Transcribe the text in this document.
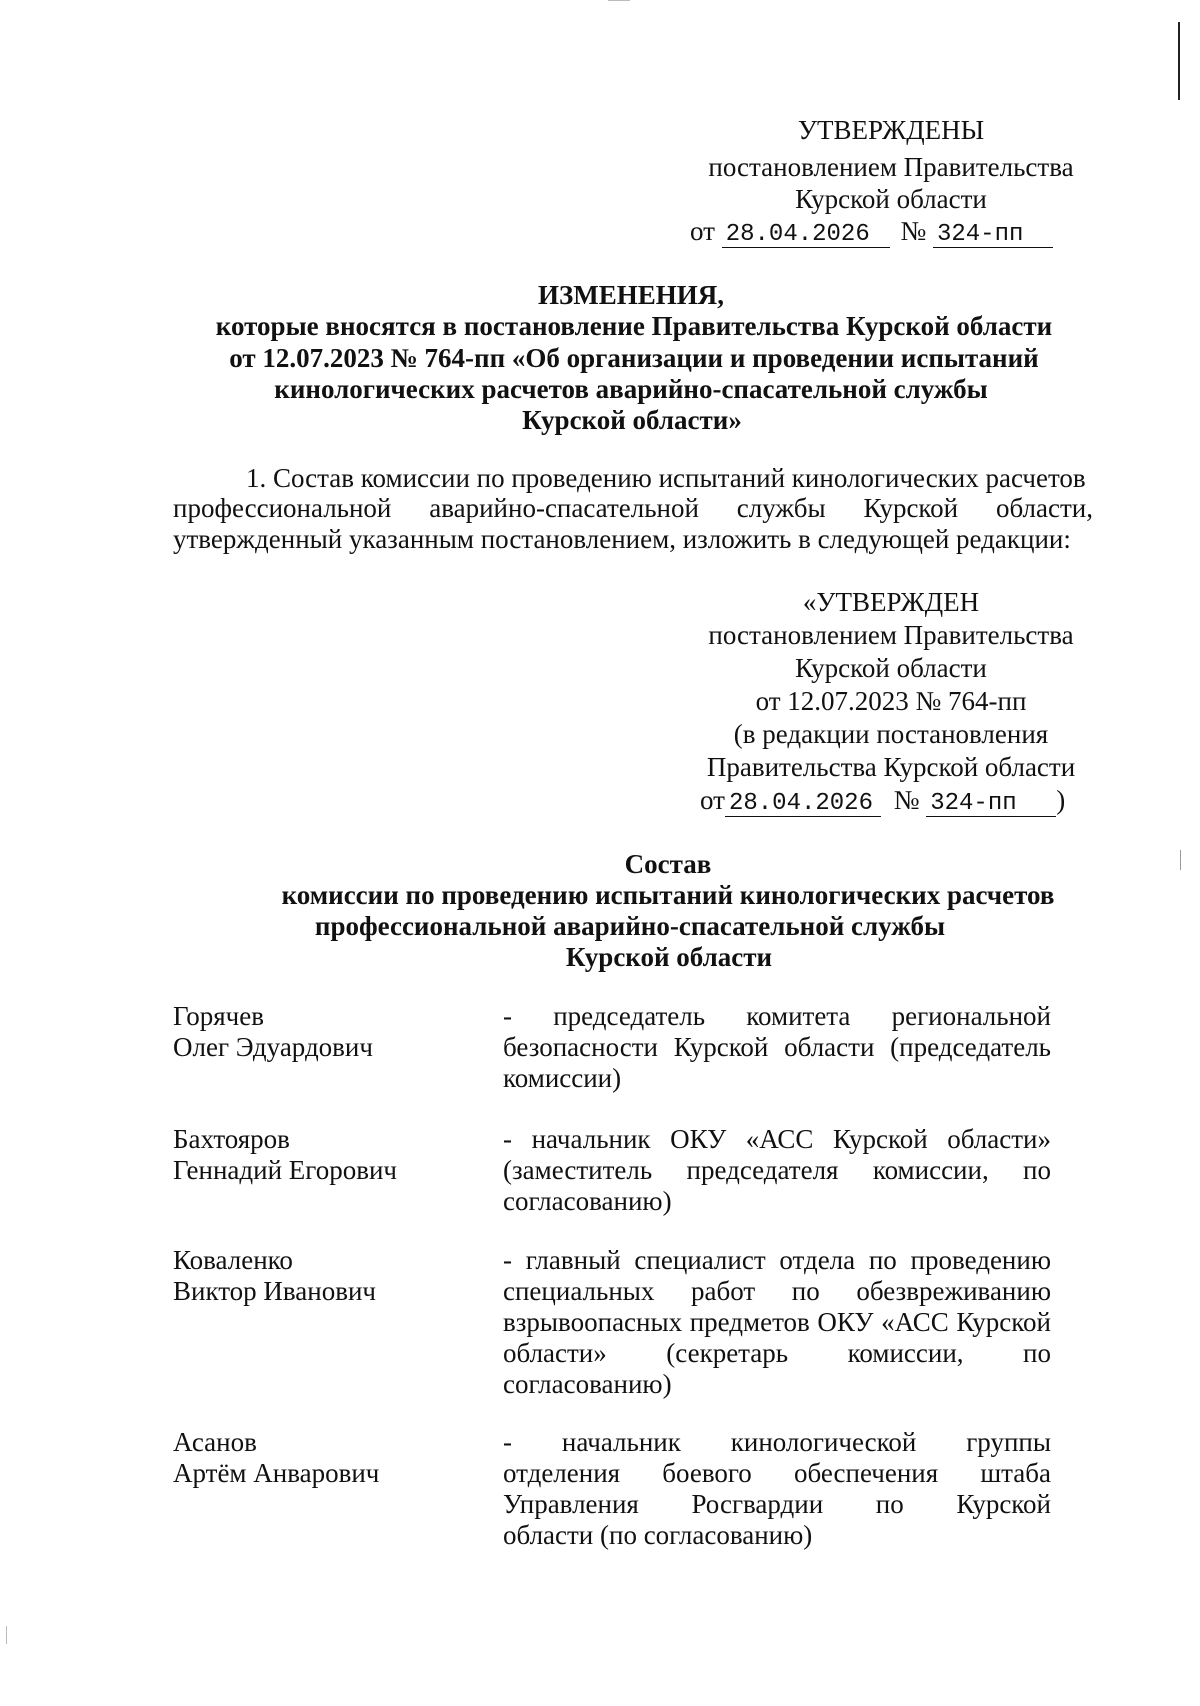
УТВЕРЖДЕНЫ
постановлением Правительства
Курской области
от 28.04.2026 № 324-пп
ИЗМЕНЕНИЯ,
которые вносятся в постановление Правительства Курской области
от 12.07.2023 № 764-пп «Об организации и проведении испытаний
кинологических расчетов аварийно-спасательной службы
Курской области»
1. Состав комиссии по проведению испытаний кинологических расчетов
профессиональной аварийно-спасательной службы Курской области,
утвержденный указанным постановлением, изложить в следующей редакции:
«УТВЕРЖДЕН
постановлением Правительства
Курской области
от 12.07.2023 № 764-пп
(в редакции постановления
Правительства Курской области
от 28.04.2026 № 324-пп )
Состав
комиссии по проведению испытаний кинологических расчетов
профессиональной аварийно-спасательной службы
Курской области
Горячев
Олег Эдуардович
- председатель комитета региональной
безопасности Курской области (председатель
комиссии)
Бахтояров
Геннадий Егорович
- начальник ОКУ «АСС Курской области»
(заместитель председателя комиссии, по
согласованию)
Коваленко
Виктор Иванович
- главный специалист отдела по проведению
специальных работ по обезвреживанию
взрывоопасных предметов ОКУ «АСС Курской
области» (секретарь комиссии, по
согласованию)
Асанов
Артём Анварович
- начальник кинологической группы
отделения боевого обеспечения штаба
Управления Росгвардии по Курской
области (по согласованию)
